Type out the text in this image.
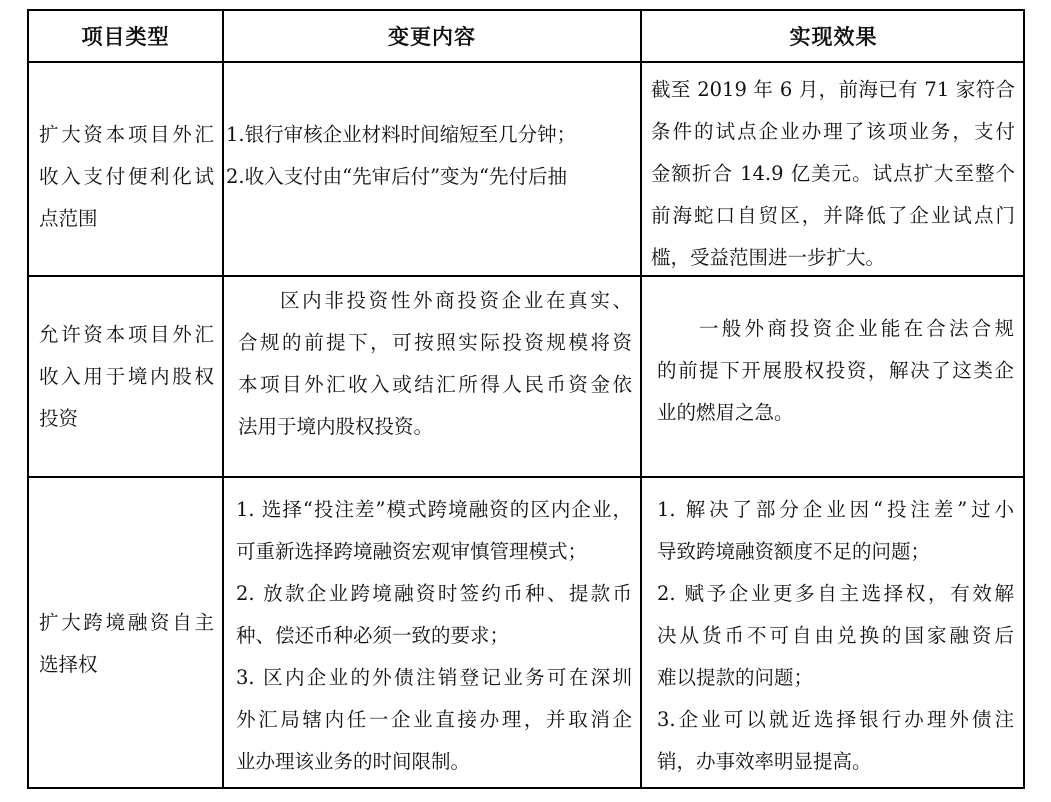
项目类型	变更内容	实现效果
扩大资本项目外汇
收入支付便利化试
点范围
1.银行审核企业材料时间缩短至几分钟；
2.收入支付由“先审后付”变为“先付后抽
截至 2019 年 6 月，前海已有 71 家符合
条件的试点企业办理了该项业务，支付
金额折合 14.9 亿美元。试点扩大至整个
前海蛇口自贸区，并降低了企业试点门
槛，受益范围进一步扩大。
允许资本项目外汇
收入用于境内股权
投资
区内非投资性外商投资企业在真实、
合规的前提下，可按照实际投资规模将资
本项目外汇收入或结汇所得人民币资金依
法用于境内股权投资。
一般外商投资企业能在合法合规
的前提下开展股权投资，解决了这类企
业的燃眉之急。
扩大跨境融资自主
选择权
1. 选择“投注差”模式跨境融资的区内企业，
可重新选择跨境融资宏观审慎管理模式；
2. 放款企业跨境融资时签约币种、提款币
种、偿还币种必须一致的要求；
3. 区内企业的外债注销登记业务可在深圳
外汇局辖内任一企业直接办理，并取消企
业办理该业务的时间限制。
1. 解决了部分企业因“投注差”过小
导致跨境融资额度不足的问题；
2. 赋予企业更多自主选择权，有效解
决从货币不可自由兑换的国家融资后
难以提款的问题；
3.企业可以就近选择银行办理外债注
销，办事效率明显提高。
